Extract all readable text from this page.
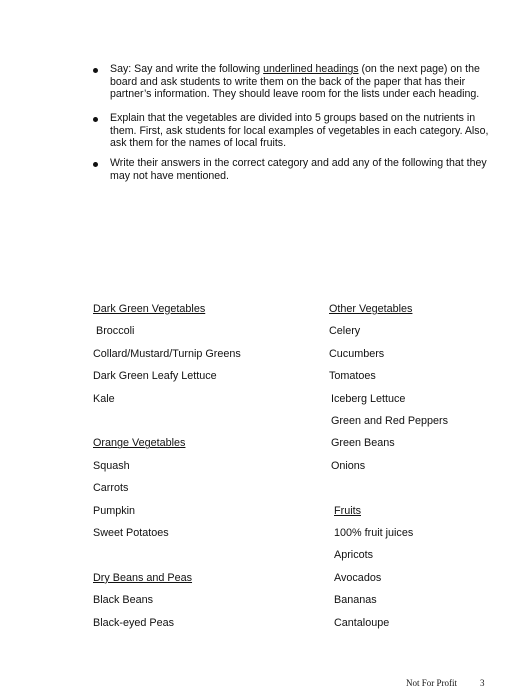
Say: Say and write the following underlined headings (on the next page) on the board and ask students to write them on the back of the paper that has their partner’s information. They should leave room for the lists under each heading.
Explain that the vegetables are divided into 5 groups based on the nutrients in them. First, ask students for local examples of vegetables in each category. Also, ask them for the names of local fruits.
Write their answers in the correct category and add any of the following that they may not have mentioned.
Dark Green Vegetables
Broccoli
Collard/Mustard/Turnip Greens
Dark Green Leafy Lettuce
Kale
Orange Vegetables
Squash
Carrots
Pumpkin
Sweet Potatoes
Dry Beans and Peas
Black Beans
Black-eyed Peas
Other Vegetables
Celery
Cucumbers
Tomatoes
Iceberg Lettuce
Green and Red Peppers
Green Beans
Onions
Fruits
100% fruit juices
Apricots
Avocados
Bananas
Cantaloupe
Not For Profit	3
